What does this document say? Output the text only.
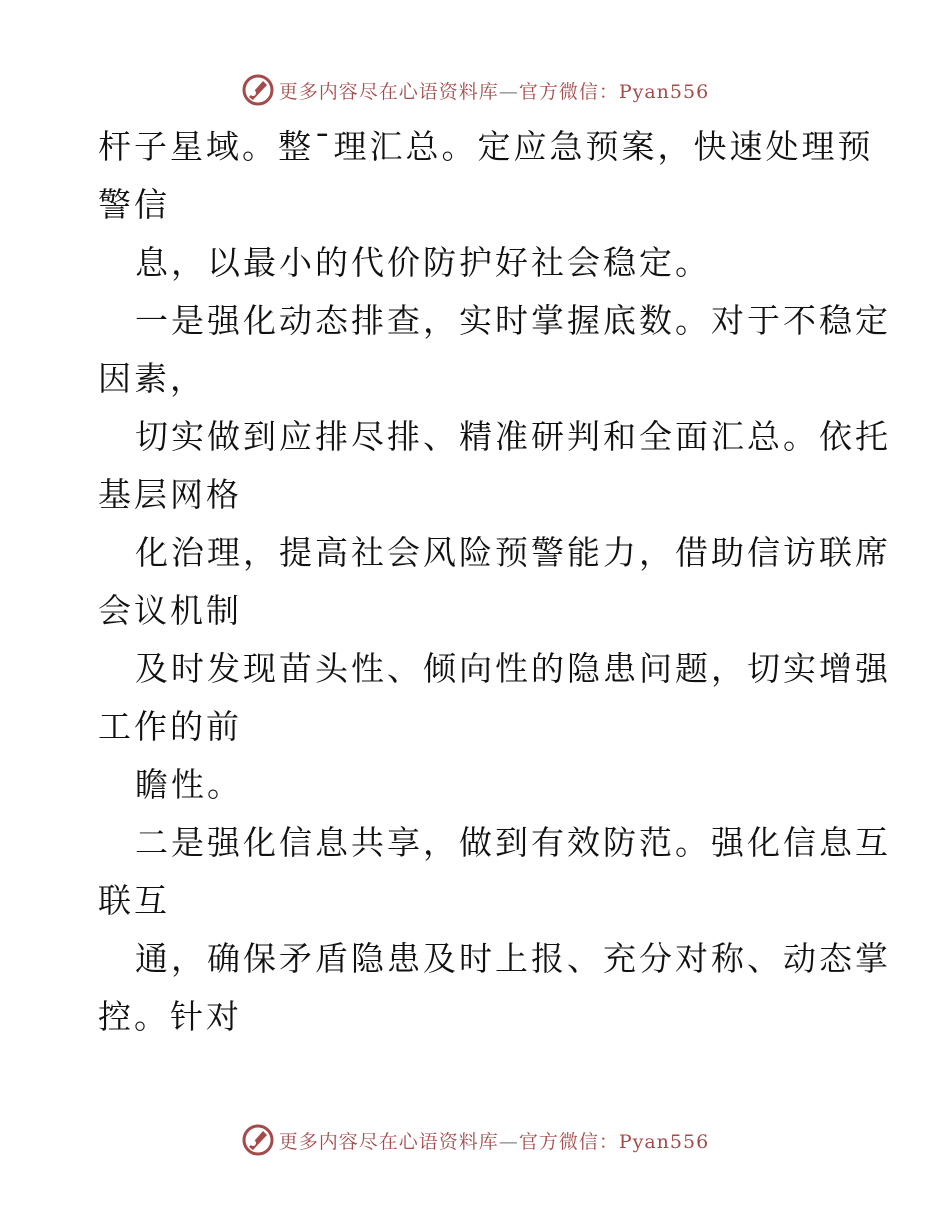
更多内容尽在心语资料库—官方微信：Pyan556
杆子星域。整¯理汇总。定应急预案，快速处理预
警信
息，以最小的代价防护好社会稳定。
一是强化动态排查，实时掌握底数。对于不稳定
因素，
切实做到应排尽排、精准研判和全面汇总。依托
基层网格
化治理，提高社会风险预警能力，借助信访联席
会议机制
及时发现苗头性、倾向性的隐患问题，切实增强
工作的前
瞻性。
二是强化信息共享，做到有效防范。强化信息互
联互
通，确保矛盾隐患及时上报、充分对称、动态掌
控。针对
更多内容尽在心语资料库—官方微信：Pyan556
